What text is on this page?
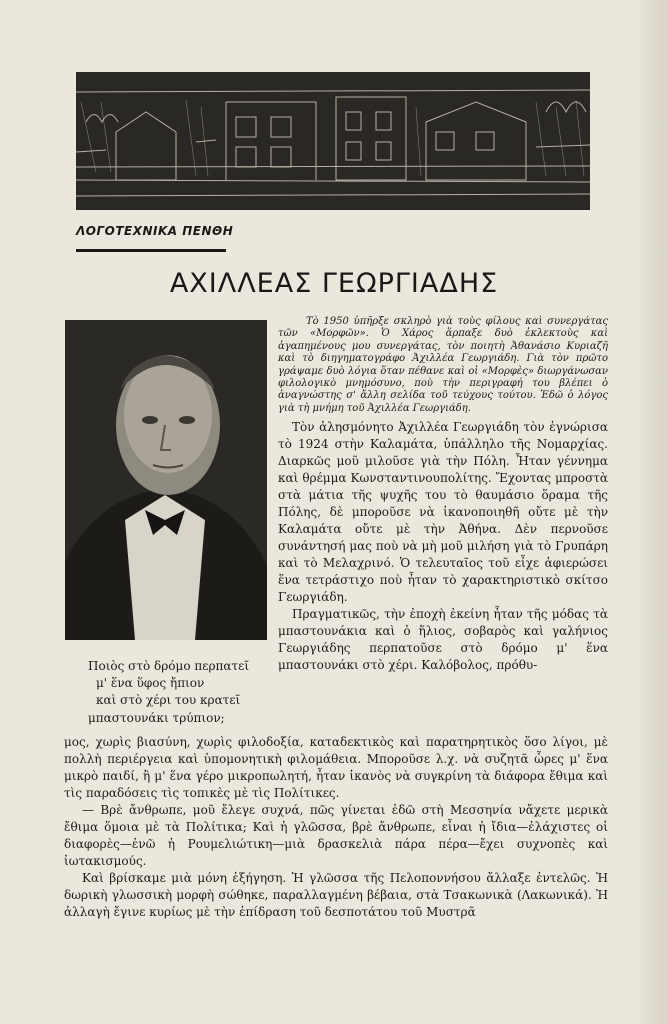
ΛΟΓΟΤΕΧΝΙΚΑ ΠΕΝΘΗ
ΑΧΙΛΛΕΑΣ ΓΕΩΡΓΙΑΔΗΣ

Τὸ 1950 ὑπῆρξε σκληρὸ γιὰ τοὺς φίλους καὶ συνεργάτας τῶν «Μορφῶν». Ὁ Χάρος ἅρπαξε δυὸ ἐκλεκτοὺς καὶ ἀγαπημένους μου συνεργάτας, τὸν ποιητὴ Ἀθανάσιο Κυριαζῆ καὶ τὸ διηγηματογράφο Ἀχιλλέα Γεωργιάδη. Γιὰ τὸν πρῶτο γράψαμε δυὸ λόγια ὅταν πέθανε καὶ οἱ «Μορφὲς» διωργάνωσαν φιλολογικὸ μνημόσυνο, ποὺ τὴν περιγραφή του βλέπει ὁ ἀναγνώστης σ' ἄλλη σελίδα τοῦ τεύχους τούτου. Ἐδῶ ὁ λόγος γιὰ τὴ μνήμη τοῦ Ἀχιλλέα Γεωργιάδη.

Τὸν ἀλησμόνητο Ἀχιλλέα Γεωργιάδη τὸν ἐγνώρισα τὸ 1924 στὴν Καλαμάτα, ὑπάλληλο τῆς Νομαρχίας. Διαρκῶς μοῦ μιλοῦσε γιὰ τὴν Πόλη. Ἦταν γέννημα καὶ θρέμμα Κωνσταντινουπολίτης. Ἔχοντας μπροστὰ στὰ μάτια τῆς ψυχῆς του τὸ θαυμάσιο ὅραμα τῆς Πόλης, δὲ μποροῦσε νὰ ἱκανοποιηθῆ οὔτε μὲ τὴν Καλαμάτα οὔτε μὲ τὴν Ἀθήνα. Δὲν περνοῦσε συνάντησή μας ποὺ νὰ μὴ μοῦ μιλήση γιὰ τὸ Γρυπάρη καὶ τὸ Μελαχρινό. Ὁ τελευταῖος τοῦ εἶχε ἀφιερώσει ἕνα τετράστιχο ποὺ ἦταν τὸ χαρακτηριστικὸ σκίτσο Γεωργιάδη.

Πραγματικῶς, τὴν ἐποχὴ ἐκείνη ἦταν τῆς μόδας τὰ μπαστουνάκια καὶ ὁ ἥλιος, σοβαρὸς καὶ γαλήνιος Γεωργιάδης περπατοῦσε στὸ δρόμο μ' ἕνα μπαστουνάκι στὸ χέρι. Καλόβολος, πρόθυ-

Ποιὸς στὸ δρόμο περπατεῖ
μ' ἕνα ὕφος ἤπιον
καὶ στὸ χέρι του κρατεῖ
μπαστουνάκι τρύπιον;

μος, χωρὶς βιασύνη, χωρὶς φιλοδοξία, καταδεκτικὸς καὶ παρατηρητικὸς ὅσο λίγοι, μὲ πολλὴ περιέργεια καὶ ὑπομονητικὴ φιλομάθεια. Μποροῦσε λ.χ. νὰ συζητᾶ ὧρες μ' ἕνα μικρὸ παιδί, ἢ μ' ἕνα γέρο μικροπωλητή, ἦταν ἱκανὸς νὰ συγκρίνη τὰ διάφορα ἔθιμα καὶ τὶς παραδόσεις τὶς τοπικὲς μὲ τὶς Πολίτικες.

— Βρὲ ἄνθρωπε, μοῦ ἔλεγε συχνά, πῶς γίνεται ἐδῶ στὴ Μεσσηνία νἄχετε μερικὰ ἔθιμα ὅμοια μὲ τὰ Πολίτικα; Καὶ ἡ γλῶσσα, βρὲ ἄνθρωπε, εἶναι ἡ ἴδια—ἐλάχιστες οἱ διαφορὲς—ἐνῶ ἡ Ρουμελιώτικη—μιὰ δρασκελιὰ πάρα πέρα—ἔχει συχνοπὲς καὶ ἰωτακισμούς.

Καὶ βρίσκαμε μιὰ μόνη ἐξήγηση. Ἡ γλῶσσα τῆς Πελοποννήσου ἄλλαξε ἐντελῶς. Ἡ δωρικὴ γλωσσικὴ μορφὴ σώθηκε, παραλλαγμένη βέβαια, στὰ Τσακωνικὰ (Λακωνικά). Ἡ ἀλλαγὴ ἔγινε κυρίως μὲ τὴν ἐπίδραση τοῦ δεσποτάτου τοῦ Μυστρᾶ
